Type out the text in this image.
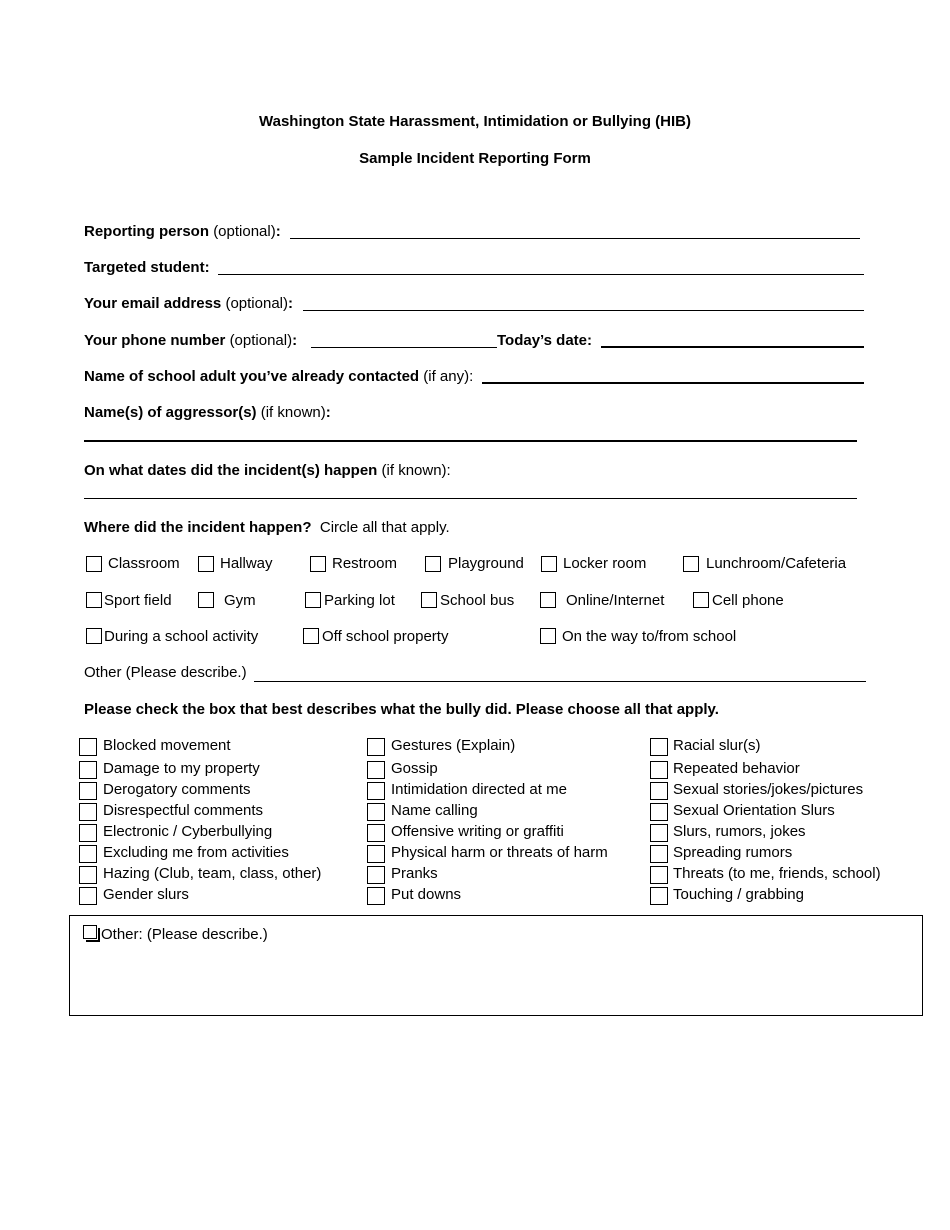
Washington State Harassment, Intimidation or Bullying (HIB)
Sample Incident Reporting Form
Reporting person (optional):
Targeted student:
Your email address (optional):
Your phone number (optional):	Today’s date:
Name of school adult you’ve already contacted (if any):
Name(s) of aggressor(s) (if known):
On what dates did the incident(s) happen (if known):
Where did the incident happen? Circle all that apply.
Classroom	Hallway	Restroom	Playground	Locker room	Lunchroom/Cafeteria
Sport field	Gym	Parking lot	School bus	Online/Internet	Cell phone
During a school activity	Off school property	On the way to/from school
Other (Please describe.)
Please check the box that best describes what the bully did. Please choose all that apply.
Blocked movement
Damage to my property
Derogatory comments
Disrespectful comments
Electronic / Cyberbullying
Excluding me from activities
Hazing (Club, team, class, other)
Gender slurs
Gestures (Explain)
Gossip
Intimidation directed at me
Name calling
Offensive writing or graffiti
Physical harm or threats of harm
Pranks
Put downs
Racial slur(s)
Repeated behavior
Sexual stories/jokes/pictures
Sexual Orientation Slurs
Slurs, rumors, jokes
Spreading rumors
Threats (to me, friends, school)
Touching / grabbing
Other: (Please describe.)
